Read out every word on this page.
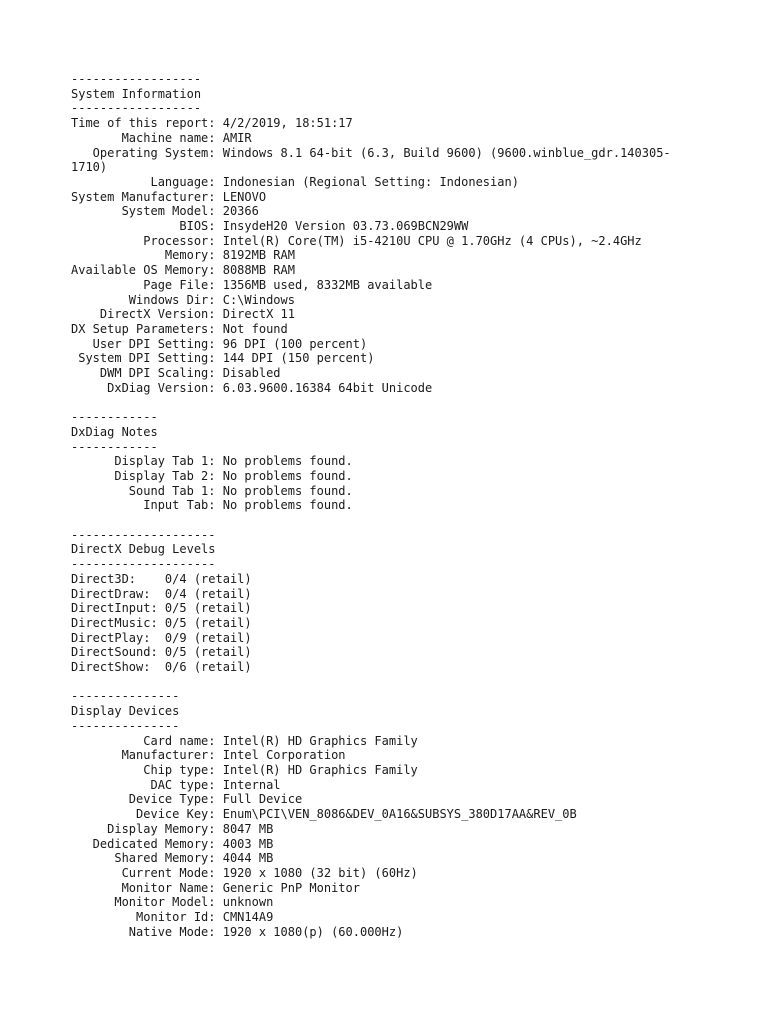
------------------
System Information
------------------
Time of this report: 4/2/2019, 18:51:17
Machine name: AMIR
Operating System: Windows 8.1 64-bit (6.3, Build 9600) (9600.winblue_gdr.140305-
1710)
Language: Indonesian (Regional Setting: Indonesian)
System Manufacturer: LENOVO
System Model: 20366
BIOS: InsydeH20 Version 03.73.069BCN29WW
Processor: Intel(R) Core(TM) i5-4210U CPU @ 1.70GHz (4 CPUs), ~2.4GHz
Memory: 8192MB RAM
Available OS Memory: 8088MB RAM
Page File: 1356MB used, 8332MB available
Windows Dir: C:\Windows
DirectX Version: DirectX 11
DX Setup Parameters: Not found
User DPI Setting: 96 DPI (100 percent)
System DPI Setting: 144 DPI (150 percent)
DWM DPI Scaling: Disabled
DxDiag Version: 6.03.9600.16384 64bit Unicode
------------
DxDiag Notes
------------
Display Tab 1: No problems found.
Display Tab 2: No problems found.
Sound Tab 1: No problems found.
Input Tab: No problems found.
--------------------
DirectX Debug Levels
--------------------
Direct3D:    0/4 (retail)
DirectDraw:  0/4 (retail)
DirectInput: 0/5 (retail)
DirectMusic: 0/5 (retail)
DirectPlay:  0/9 (retail)
DirectSound: 0/5 (retail)
DirectShow:  0/6 (retail)
---------------
Display Devices
---------------
Card name: Intel(R) HD Graphics Family
Manufacturer: Intel Corporation
Chip type: Intel(R) HD Graphics Family
DAC type: Internal
Device Type: Full Device
Device Key: Enum\PCI\VEN_8086&DEV_0A16&SUBSYS_380D17AA&REV_0B
Display Memory: 8047 MB
Dedicated Memory: 4003 MB
Shared Memory: 4044 MB
Current Mode: 1920 x 1080 (32 bit) (60Hz)
Monitor Name: Generic PnP Monitor
Monitor Model: unknown
Monitor Id: CMN14A9
Native Mode: 1920 x 1080(p) (60.000Hz)
